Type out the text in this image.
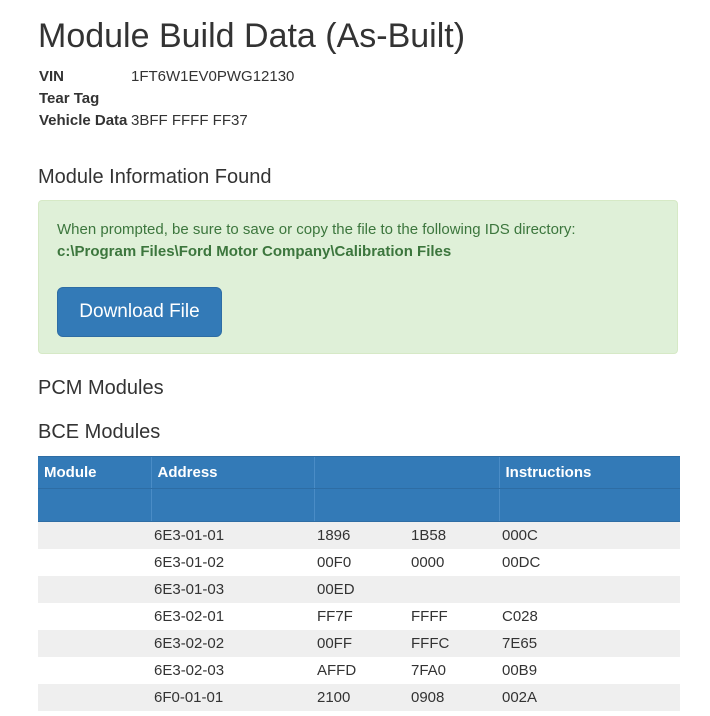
Module Build Data (As-Built)
VIN	1FT6W1EV0PWG12130
Tear Tag
Vehicle Data 3BFF FFFF FF37
Module Information Found
When prompted, be sure to save or copy the file to the following IDS directory:
c:\Program Files\Ford Motor Company\Calibration Files
Download File
PCM Modules
BCE Modules
Module	Address			Instructions

	6E3-01-01	1896	1B58	000C
	6E3-01-02	00F0	0000	00DC
	6E3-01-03	00ED		
	6E3-02-01	FF7F	FFFF	C028
	6E3-02-02	00FF	FFFC	7E65
	6E3-02-03	AFFD	7FA0	00B9
	6F0-01-01	2100	0908	002A
